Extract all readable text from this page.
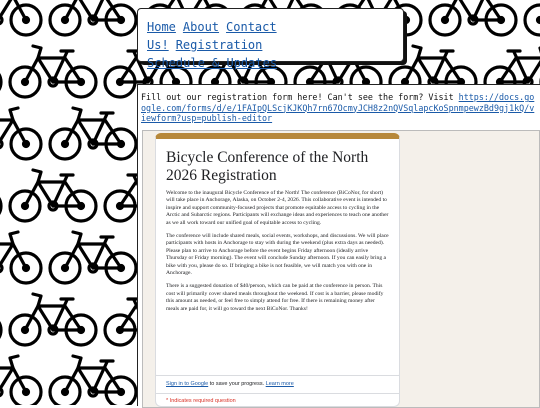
Home About Contact Us! Registration
Schedule & Updates
Fill out our registration form here! Can't see the form? Visit https://docs.google.com/forms/d/e/1FAIpQLScjKJKQh7rn67OcmyJCH8z2nQVSqlapcKoSpnmpewzBd9gj1kQ/viewform?usp=publish-editor
Bicycle Conference of the North 2026 Registration

Welcome to the inaugural Bicycle Conference of the North! The conference (BiCoNor, for short) will take place in Anchorage, Alaska, on October 2-4, 2026. This collaborative event is intended to inspire and support community-focused projects that promote equitable access to cycling in the Arctic and Subarctic regions. Participants will exchange ideas and experiences to teach one another as we all work toward our unified goal of equitable access to cycling.

The conference will include shared meals, social events, workshops, and discussions. We will place participants with hosts in Anchorage to stay with during the weekend (plus extra days as needed). Please plan to arrive to Anchorage before the event begins Friday afternoon (ideally arrive Thursday or Friday morning). The event will conclude Sunday afternoon. If you can easily bring a bike with you, please do so. If bringing a bike is not feasible, we will match you with one in Anchorage.

There is a suggested donation of $40/person, which can be paid at the conference in person. This cost will primarily cover shared meals throughout the weekend. If cost is a barrier, please modify this amount as needed, or feel free to simply attend for free. If there is remaining money after meals are paid for, it will go toward the next BiCoNor. Thanks!

Sign in to Google to save your progress. Learn more
* Indicates required question
